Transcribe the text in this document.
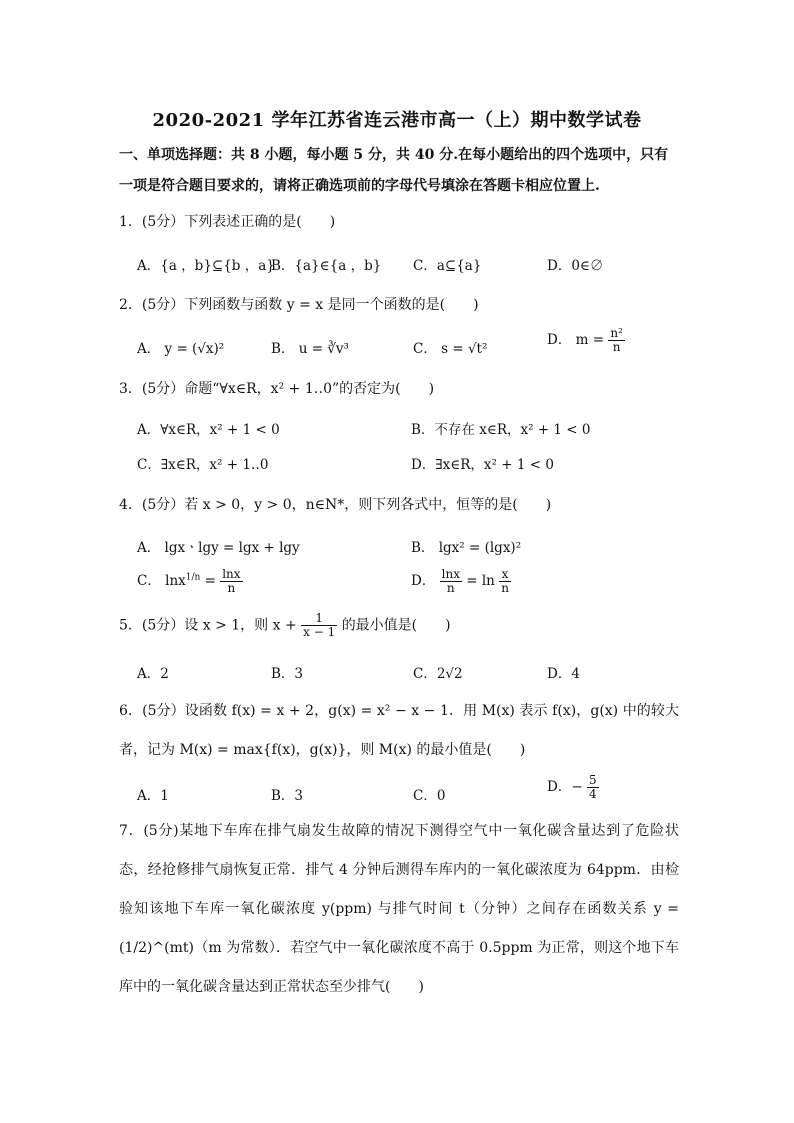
2020-2021 学年江苏省连云港市高一（上）期中数学试卷
一、单项选择题：共 8 小题，每小题 5 分，共 40 分.在每小题给出的四个选项中，只有一项是符合题目要求的，请将正确选项前的字母代号填涂在答题卡相应位置上.
1．(5分）下列表述正确的是(　　)
A．{a ，b}⊆{b ，a}
B．{a}∈{a ，b} C．a⊆{a}	D．0∈∅
2．(5分）下列函数与函数 y = x 是同一个函数的是(　　)
A． y = (√x)²	B． u = ∛v³	C． s = √t²
D． $m = \frac{\text{n²}}{n}$
3．(5分）命题“∀x∈R，x² + 1‥0”的否定为(　　)
A．∀x∈R，x² + 1 < 0	B．不存在 x∈R，x² + 1 < 0
C．∃x∈R，x² + 1‥0	D．∃x∈R，x² + 1 < 0
4．(5分）若 x > 0，y > 0，n∈N*，则下列各式中，恒等的是(　　)
A． lgxㆍlgy = lgx + lgy	B． lgx² = (lgx)²
C． $\ln x^{1/n} = \frac{\ln x}{n}$	D． $\frac{\ln x}{n} = \ln \frac{x}{n}$
5．(5分）设 x > 1，则 $x + \frac{1}{x - 1}$ 的最小值是(　　)
A．2	B．3	C．2√2	D．4
6．(5分）设函数 f(x) = x + 2，g(x) = x² − x − 1．用 M(x) 表示 f(x)，g(x) 中的较大者，记为 M(x) = max{f(x)，g(x)}，则 M(x) 的最小值是(　　)
A．1	B．3	C．0
D．− $\frac{5}{4}$
7．(5分)某地下车库在排气扇发生故障的情况下测得空气中一氧化碳含量达到了危险状态，经抢修排气扇恢复正常．排气 4 分钟后测得车库内的一氧化碳浓度为 64ppm．由检验知该地下车库一氧化碳浓度 y(ppm) 与排气时间 t（分钟）之间存在函数关系 y = (1/2)^(mt)（m 为常数）．若空气中一氧化碳浓度不高于 0.5ppm 为正常，则这个地下车库中的一氧化碳含量达到正常状态至少排气(　　)
